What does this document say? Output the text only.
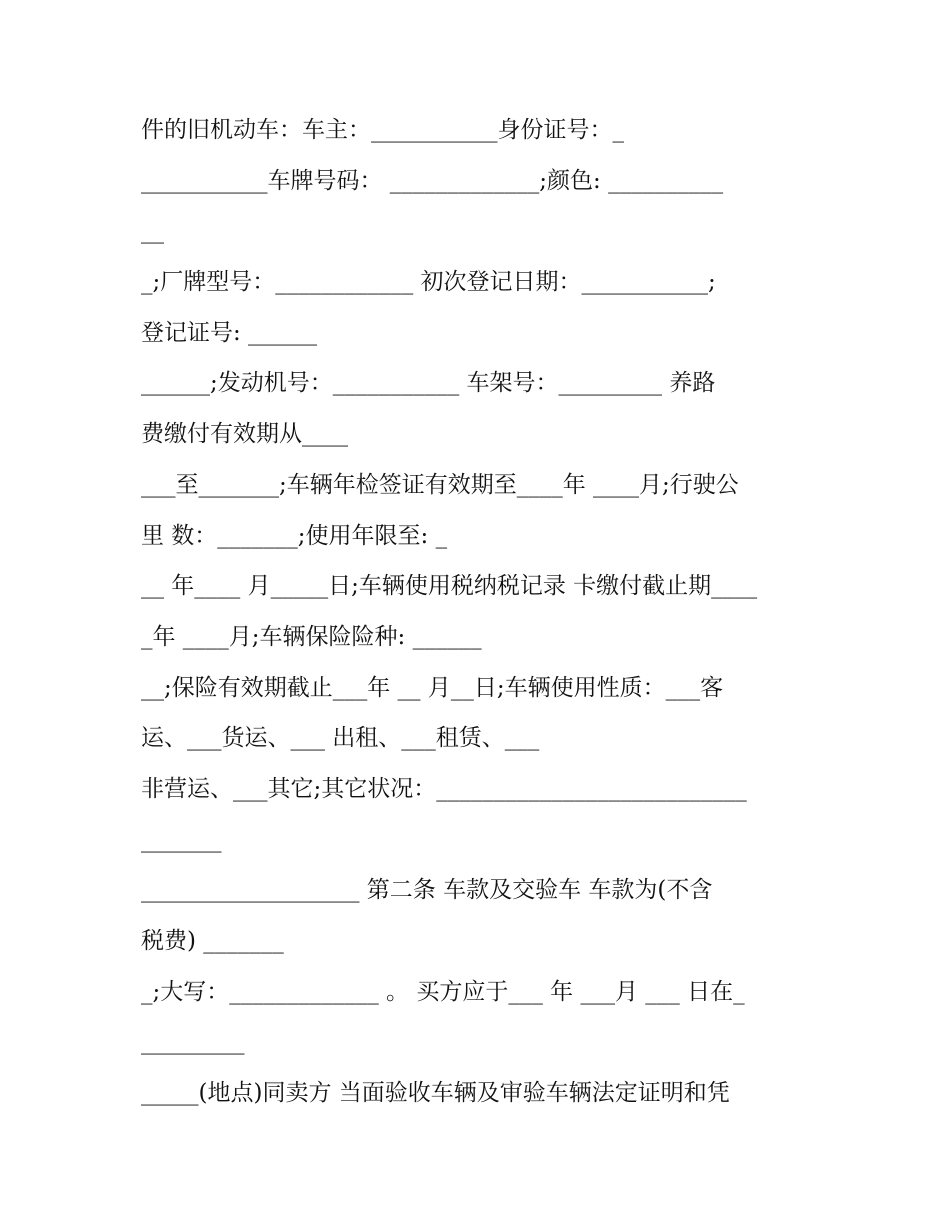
件的旧机动车：车主：___________身份证号：_
___________车牌号码： _____________;颜色: __________
__
_;厂牌型号：____________ 初次登记日期：___________;
登记证号: ______
______;发动机号：___________ 车架号：_________ 养路
费缴付有效期从____
___至_______;车辆年检签证有效期至____年 ____月;行驶公
里 数：_______;使用年限至: _
__ 年____ 月_____日;车辆使用税纳税记录 卡缴付截止期____
_年 ____月;车辆保险险种: ______
__;保险有效期截止___年 __ 月__日;车辆使用性质：___客
运、___货运、___ 出租、___租赁、___
非营运、___其它;其它状况：___________________________
_______
___________________ 第二条 车款及交验车 车款为(不含
税费) _______
_;大写：_____________ 。 买方应于___ 年 ___月 ___ 日在_
_________
_____(地点)同卖方 当面验收车辆及审验车辆法定证明和凭
